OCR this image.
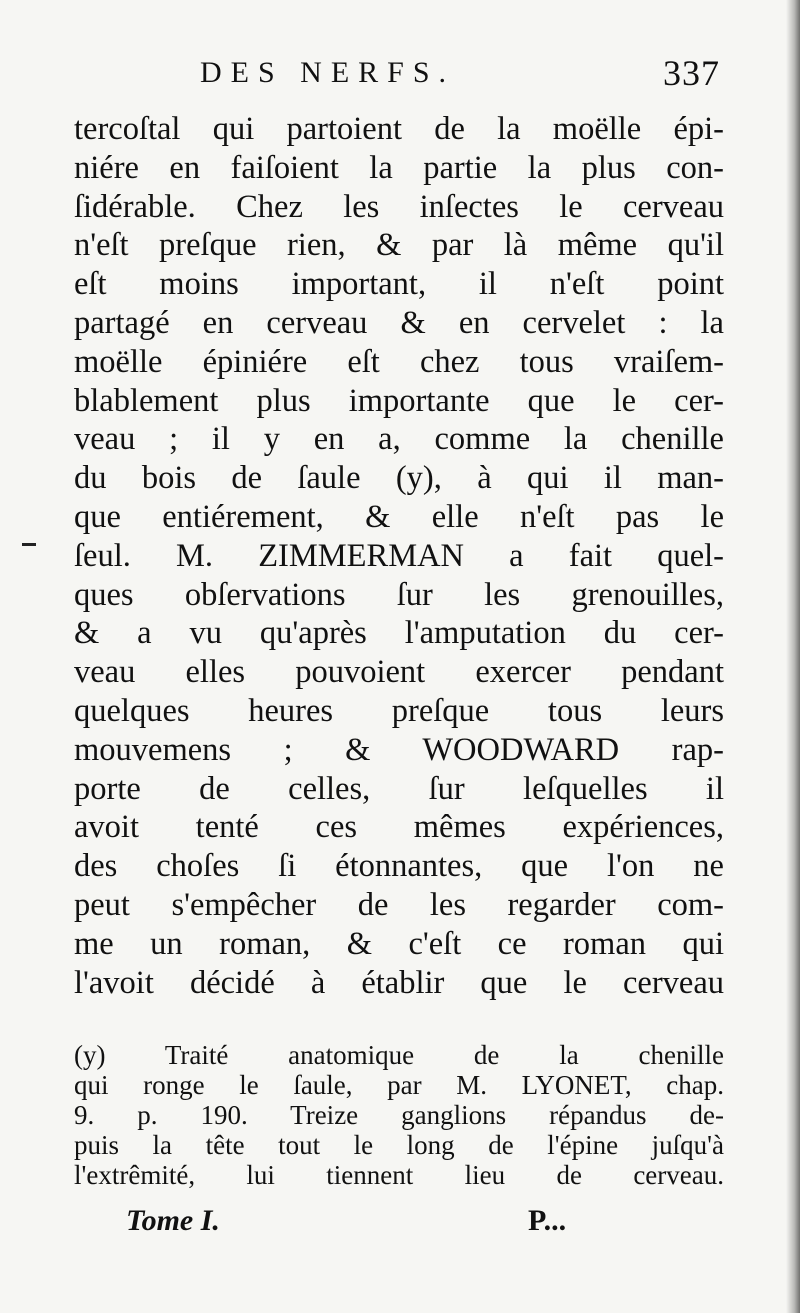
DES NERFS.	337
tercoſtal qui partoient de la moëlle épi-
niére en faiſoient la partie la plus con-
ſidérable. Chez les inſectes le cerveau
n'eſt preſque rien, & par là même qu'il
eſt moins important, il n'eſt point
partagé en cerveau & en cervelet : la
moëlle épiniére eſt chez tous vraiſem-
blablement plus importante que le cer-
veau ; il y en a, comme la chenille
du bois de ſaule (y), à qui il man-
que entiérement, & elle n'eſt pas le
ſeul. M. ZIMMERMAN a fait quel-
ques obſervations ſur les grenouilles,
& a vu qu'après l'amputation du cer-
veau elles pouvoient exercer pendant
quelques heures preſque tous leurs
mouvemens ; & WOODWARD rap-
porte de celles, ſur leſquelles il
avoit tenté ces mêmes expériences,
des choſes ſi étonnantes, que l'on ne
peut s'empêcher de les regarder com-
me un roman, & c'eſt ce roman qui
l'avoit décidé à établir que le cerveau
(y) Traité anatomique de la chenille
qui ronge le ſaule, par M. LYONET, chap.
9. p. 190. Treize ganglions répandus de-
puis la tête tout le long de l'épine juſqu'à
l'extrêmité, lui tiennent lieu de cerveau.
Tome I.	P...
